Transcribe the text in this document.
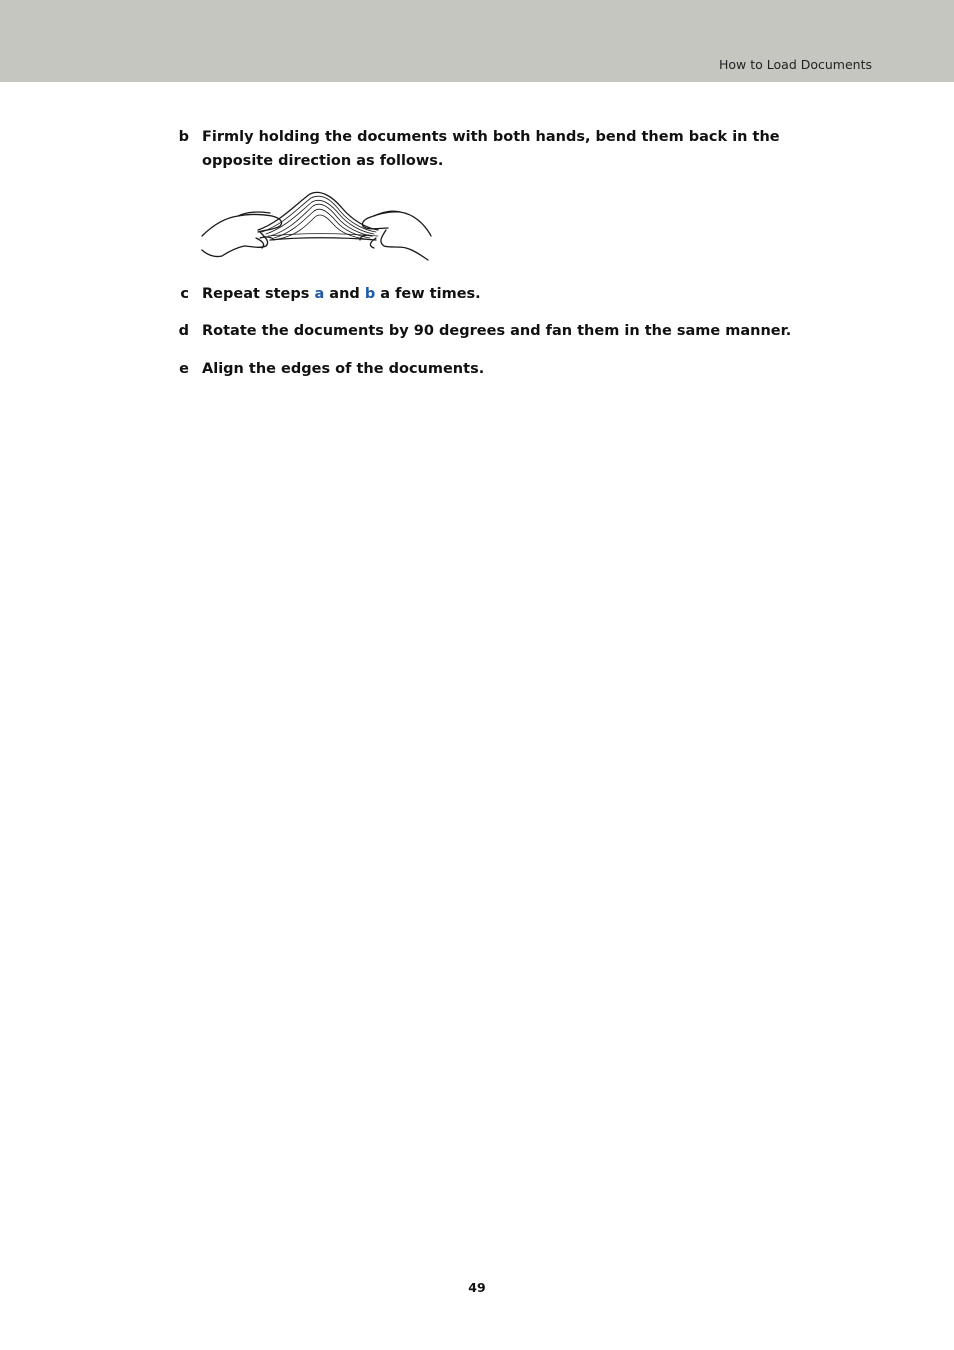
How to Load Documents
b Firmly holding the documents with both hands, bend them back in the opposite direction as follows.
c Repeat steps a and b a few times.
d Rotate the documents by 90 degrees and fan them in the same manner.
e Align the edges of the documents.
49
